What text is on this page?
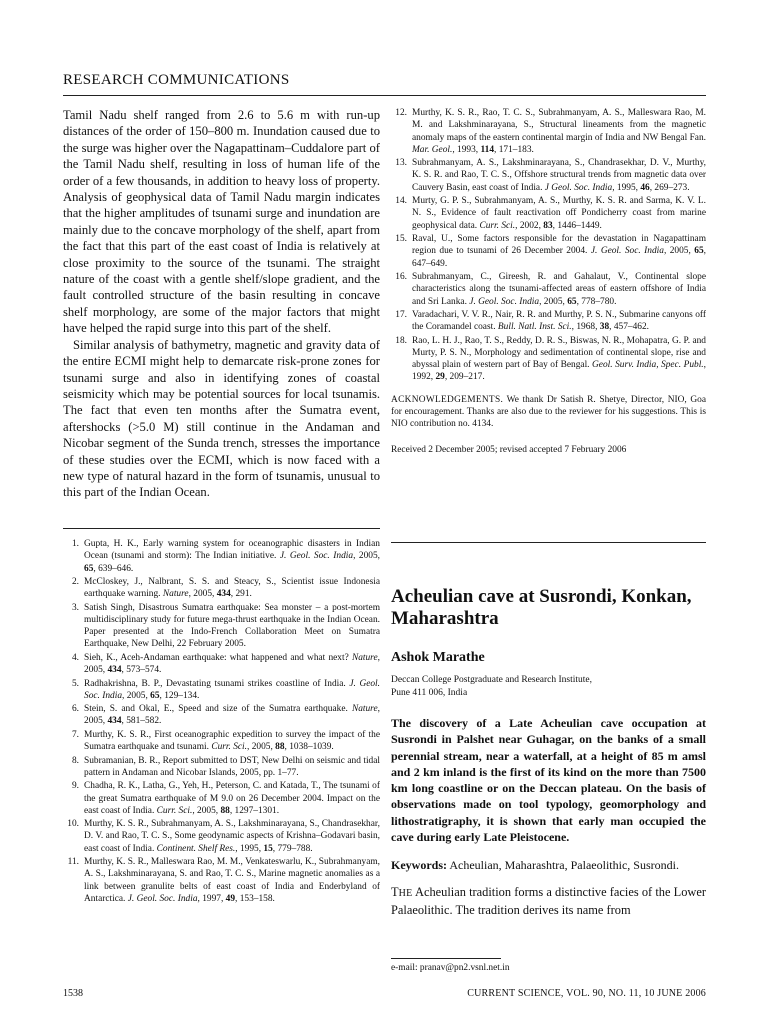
RESEARCH COMMUNICATIONS

Tamil Nadu shelf ranged from 2.6 to 5.6 m with run-up distances of the order of 150–800 m. Inundation caused due to the surge was higher over the Nagapattinam–Cuddalore part of the Tamil Nadu shelf, resulting in loss of human life of the order of a few thousands, in addition to heavy loss of property. Analysis of geophysical data of Tamil Nadu margin indicates that the higher amplitudes of tsunami surge and inundation are mainly due to the concave morphology of the shelf, apart from the fact that this part of the east coast of India is relatively at close proximity to the source of the tsunami. The straight nature of the coast with a gentle shelf/slope gradient, and the fault controlled structure of the basin resulting in concave shelf morphology, are some of the major factors that might have helped the rapid surge into this part of the shelf.

Similar analysis of bathymetry, magnetic and gravity data of the entire ECMI might help to demarcate risk-prone zones for tsunami surge and also in identifying zones of coastal seismicity which may be potential sources for local tsunamis. The fact that even ten months after the Sumatra event, aftershocks (>5.0 M) still continue in the Andaman and Nicobar segment of the Sunda trench, stresses the importance of these studies over the ECMI, which is now faced with a new type of natural hazard in the form of tsunamis, unusual to this part of the Indian Ocean.

1. Gupta, H. K., Early warning system for oceanographic disasters in Indian Ocean (tsunami and storm): The Indian initiative. J. Geol. Soc. India, 2005, 65, 639–646.
2. McCloskey, J., Nalbrant, S. S. and Steacy, S., Scientist issue Indonesia earthquake warning. Nature, 2005, 434, 291.
3. Satish Singh, Disastrous Sumatra earthquake: Sea monster – a post-mortem multidisciplinary study for future mega-thrust earthquake in the Indian Ocean. Paper presented at the Indo-French Collaboration Meet on Sumatra Earthquake, New Delhi, 22 February 2005.
4. Sieh, K., Aceh-Andaman earthquake: what happened and what next? Nature, 2005, 434, 573–574.
5. Radhakrishna, B. P., Devastating tsunami strikes coastline of India. J. Geol. Soc. India, 2005, 65, 129–134.
6. Stein, S. and Okal, E., Speed and size of the Sumatra earthquake. Nature, 2005, 434, 581–582.
7. Murthy, K. S. R., First oceanographic expedition to survey the impact of the Sumatra earthquake and tsunami. Curr. Sci., 2005, 88, 1038–1039.
8. Subramanian, B. R., Report submitted to DST, New Delhi on seismic and tidal pattern in Andaman and Nicobar Islands, 2005, pp. 1–77.
9. Chadha, R. K., Latha, G., Yeh, H., Peterson, C. and Katada, T., The tsunami of the great Sumatra earthquake of M 9.0 on 26 December 2004. Impact on the east coast of India. Curr. Sci., 2005, 88, 1297–1301.
10. Murthy, K. S. R., Subrahmanyam, A. S., Lakshminarayana, S., Chandrasekhar, D. V. and Rao, T. C. S., Some geodynamic aspects of Krishna–Godavari basin, east coast of India. Continent. Shelf Res., 1995, 15, 779–788.
11. Murthy, K. S. R., Malleswara Rao, M. M., Venkateswarlu, K., Subrahmanyam, A. S., Lakshminarayana, S. and Rao, T. C. S., Marine magnetic anomalies as a link between granulite belts of east coast of India and Enderbyland of Antarctica. J. Geol. Soc. India, 1997, 49, 153–158.
12. Murthy, K. S. R., Rao, T. C. S., Subrahmanyam, A. S., Malleswara Rao, M. M. and Lakshminarayana, S., Structural lineaments from the magnetic anomaly maps of the eastern continental margin of India and NW Bengal Fan. Mar. Geol., 1993, 114, 171–183.
13. Subrahmanyam, A. S., Lakshminarayana, S., Chandrasekhar, D. V., Murthy, K. S. R. and Rao, T. C. S., Offshore structural trends from magnetic data over Cauvery Basin, east coast of India. J Geol. Soc. India, 1995, 46, 269–273.
14. Murty, G. P. S., Subrahmanyam, A. S., Murthy, K. S. R. and Sarma, K. V. L. N. S., Evidence of fault reactivation off Pondicherry coast from marine geophysical data. Curr. Sci., 2002, 83, 1446–1449.
15. Raval, U., Some factors responsible for the devastation in Nagapattinam region due to tsunami of 26 December 2004. J. Geol. Soc. India, 2005, 65, 647–649.
16. Subrahmanyam, C., Gireesh, R. and Gahalaut, V., Continental slope characteristics along the tsunami-affected areas of eastern offshore of India and Sri Lanka. J. Geol. Soc. India, 2005, 65, 778–780.
17. Varadachari, V. V. R., Nair, R. R. and Murthy, P. S. N., Submarine canyons off the Coramandel coast. Bull. Natl. Inst. Sci., 1968, 38, 457–462.
18. Rao, L. H. J., Rao, T. S., Reddy, D. R. S., Biswas, N. R., Mohapatra, G. P. and Murty, P. S. N., Morphology and sedimentation of continental slope, rise and abyssal plain of western part of Bay of Bengal. Geol. Surv. India, Spec. Publ., 1992, 29, 209–217.
ACKNOWLEDGEMENTS. We thank Dr Satish R. Shetye, Director, NIO, Goa for encouragement. Thanks are also due to the reviewer for his suggestions. This is NIO contribution no. 4134.
Received 2 December 2005; revised accepted 7 February 2006
Acheulian cave at Susrondi, Konkan, Maharashtra
Ashok Marathe
Deccan College Postgraduate and Research Institute,
Pune 411 006, India
The discovery of a Late Acheulian cave occupation at Susrondi in Palshet near Guhagar, on the banks of a small perennial stream, near a waterfall, at a height of 85 m amsl and 2 km inland is the first of its kind on the more than 7500 km long coastline or on the Deccan plateau. On the basis of observations made on tool typology, geomorphology and lithostratigraphy, it is shown that early man occupied the cave during early Late Pleistocene.
Keywords: Acheulian, Maharashtra, Palaeolithic, Susrondi.
THE Acheulian tradition forms a distinctive facies of the Lower Palaeolithic. The tradition derives its name from
e-mail: pranav@pn2.vsnl.net.in
1538	CURRENT SCIENCE, VOL. 90, NO. 11, 10 JUNE 2006
